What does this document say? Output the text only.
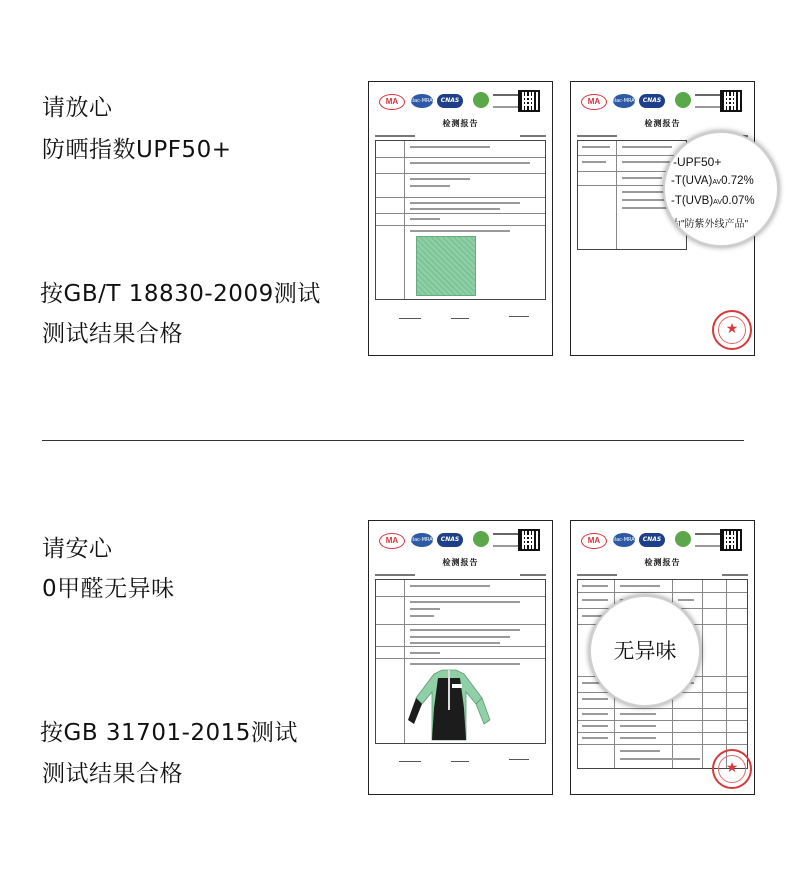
请放心
防晒指数UPF50+
按GB/T 18830-2009测试
测试结果合格
MA	ilac-MRA	CNAS
检测报告
MA	ilac-MRA	CNAS
检测报告
★
-UPF50+
-T(UVA)AV0.72%
-T(UVB)AV0.07%
为"防紫外线产品"
请安心
0甲醛无异味
按GB 31701-2015测试
测试结果合格
MA	ilac-MRA	CNAS
检测报告
MA	ilac-MRA	CNAS
检测报告
★
无异味
